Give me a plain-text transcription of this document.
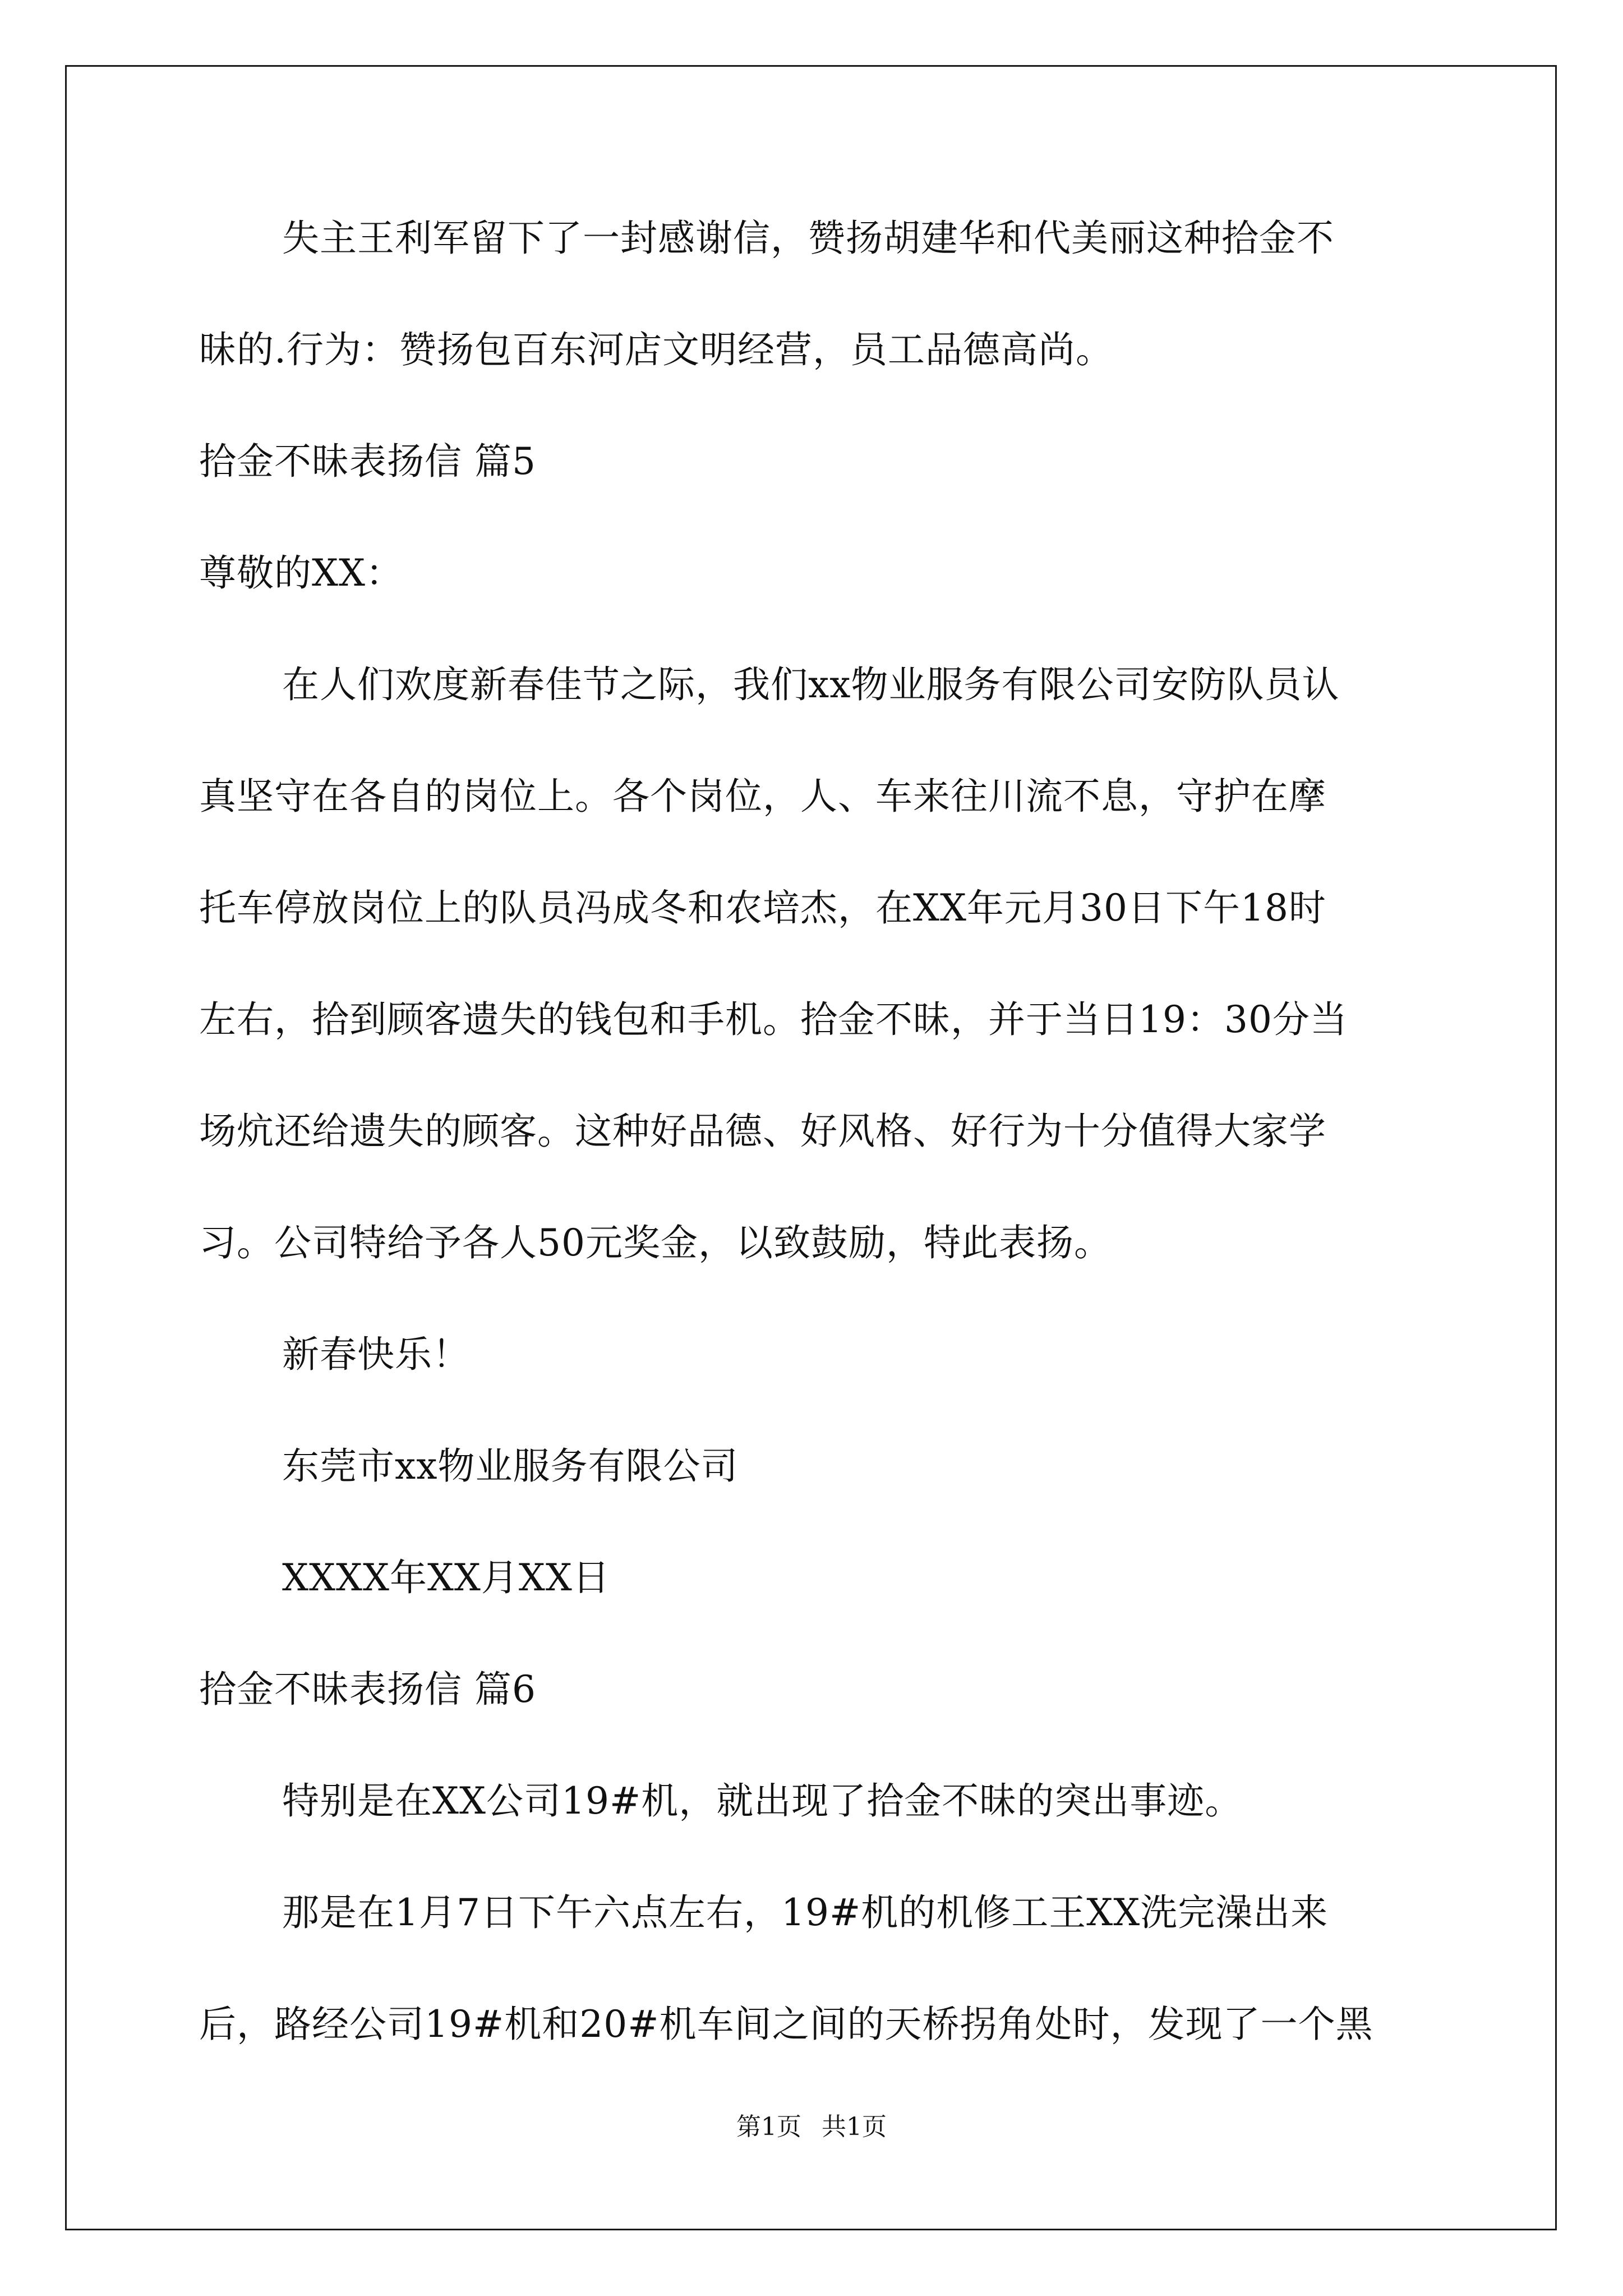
失主王利军留下了一封感谢信，赞扬胡建华和代美丽这种拾金不
昧的.行为：赞扬包百东河店文明经营，员工品德高尚。
拾金不昧表扬信 篇5
尊敬的XX：
在人们欢度新春佳节之际，我们xx物业服务有限公司安防队员认
真坚守在各自的岗位上。各个岗位，人、车来往川流不息，守护在摩
托车停放岗位上的队员冯成冬和农培杰，在XX年元月30日下午18时
左右，拾到顾客遗失的钱包和手机。拾金不昧，并于当日19：30分当
场炕还给遗失的顾客。这种好品德、好风格、好行为十分值得大家学
习。公司特给予各人50元奖金，以致鼓励，特此表扬。
新春快乐！
东莞市xx物业服务有限公司
XXXX年XX月XX日
拾金不昧表扬信 篇6
特别是在XX公司19#机，就出现了拾金不昧的突出事迹。
那是在1月7日下午六点左右，19#机的机修工王XX洗完澡出来
后，路经公司19#机和20#机车间之间的天桥拐角处时，发现了一个黑
第1页 共1页
